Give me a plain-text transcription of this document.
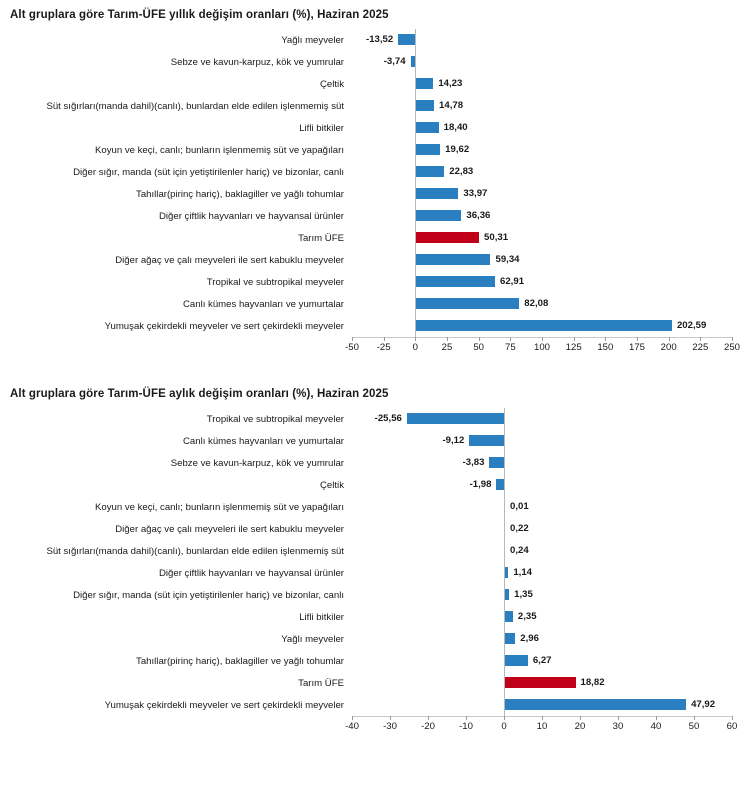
Alt gruplara göre Tarım-ÜFE yıllık değişim oranları (%), Haziran 2025
Yağlı meyveler	-13,52
Sebze ve kavun-karpuz, kök ve yumrular	-3,74
Çeltik	14,23
Süt sığırları(manda dahil)(canlı), bunlardan elde edilen işlenmemiş süt	14,78
Lifli bitkiler	18,40
Koyun ve keçi, canlı; bunların işlenmemiş süt ve yapağıları	19,62
Diğer sığır, manda (süt için yetiştirilenler hariç) ve bizonlar, canlı	22,83
Tahıllar(pirinç hariç), baklagiller ve yağlı tohumlar	33,97
Diğer çiftlik hayvanları ve hayvansal ürünler	36,36
Tarım ÜFE	50,31
Diğer ağaç ve çalı meyveleri ile sert kabuklu meyveler	59,34
Tropikal ve subtropikal meyveler	62,91
Canlı kümes hayvanları ve yumurtalar	82,08
Yumuşak çekirdekli meyveler ve sert çekirdekli meyveler	202,59
-50 -25 0 25 50 75 100 125 150 175 200 225 250
Alt gruplara göre Tarım-ÜFE aylık değişim oranları (%), Haziran 2025
Tropikal ve subtropikal meyveler	-25,56
Canlı kümes hayvanları ve yumurtalar	-9,12
Sebze ve kavun-karpuz, kök ve yumrular	-3,83
Çeltik	-1,98
Koyun ve keçi, canlı; bunların işlenmemiş süt ve yapağıları	0,01
Diğer ağaç ve çalı meyveleri ile sert kabuklu meyveler	0,22
Süt sığırları(manda dahil)(canlı), bunlardan elde edilen işlenmemiş süt	0,24
Diğer çiftlik hayvanları ve hayvansal ürünler	1,14
Diğer sığır, manda (süt için yetiştirilenler hariç) ve bizonlar, canlı	1,35
Lifli bitkiler	2,35
Yağlı meyveler	2,96
Tahıllar(pirinç hariç), baklagiller ve yağlı tohumlar	6,27
Tarım ÜFE	18,82
Yumuşak çekirdekli meyveler ve sert çekirdekli meyveler	47,92
-40	-30	-20	-10	0	10	20	30	40	50	60
